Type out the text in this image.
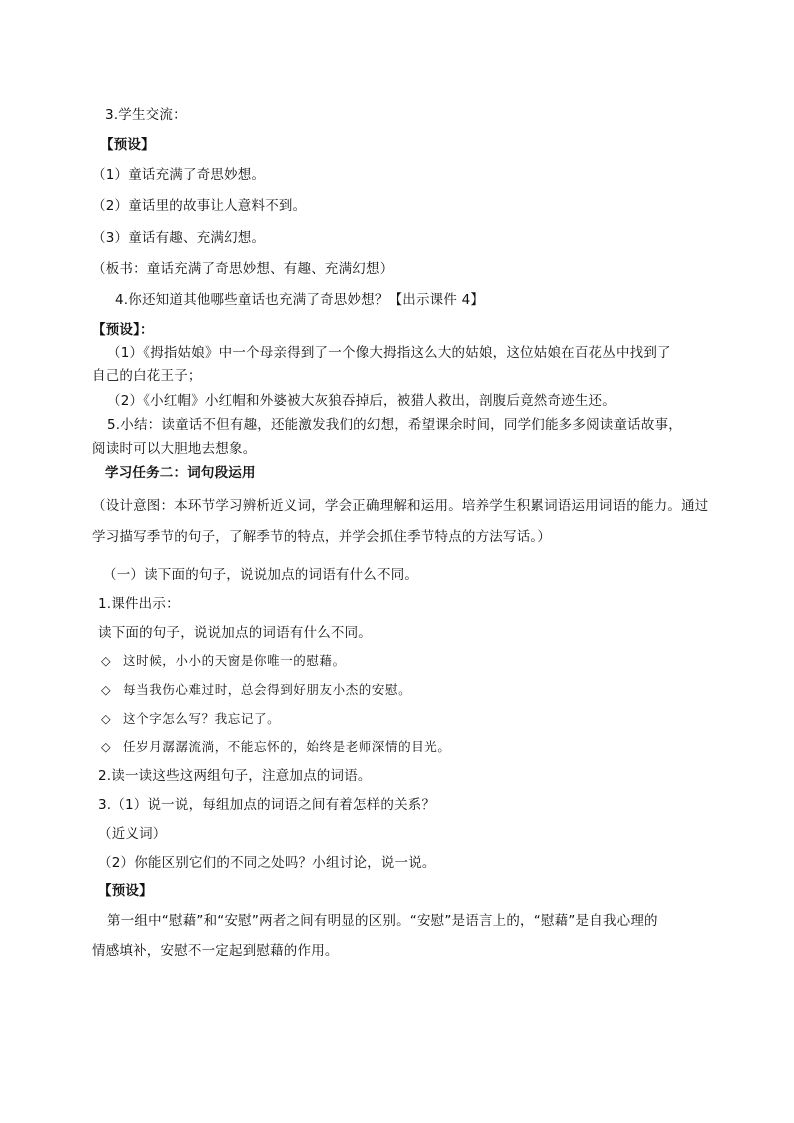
3.学生交流：
【预设】
（1）童话充满了奇思妙想。
（2）童话里的故事让人意料不到。
（3）童话有趣、充满幻想。
（板书：童话充满了奇思妙想、有趣、充满幻想）
4.你还知道其他哪些童话也充满了奇思妙想？【出示课件 4】
【预设】：
（1）《拇指姑娘》中一个母亲得到了一个像大拇指这么大的姑娘，这位姑娘在百花丛中找到了
自己的白花王子；
（2）《小红帽》小红帽和外婆被大灰狼吞掉后，被猎人救出，剖腹后竟然奇迹生还。
5.小结：读童话不但有趣，还能激发我们的幻想，希望课余时间，同学们能多多阅读童话故事，
阅读时可以大胆地去想象。
学习任务二：词句段运用
（设计意图：本环节学习辨析近义词，学会正确理解和运用。培养学生积累词语运用词语的能力。通过
学习描写季节的句子，了解季节的特点，并学会抓住季节特点的方法写话。）
（一）读下面的句子，说说加点的词语有什么不同。
1.课件出示：
读下面的句子，说说加点的词语有什么不同。
◇ 这时候，小小的天窗是你唯一的慰藉。
◇ 每当我伤心难过时，总会得到好朋友小杰的安慰。
◇ 这个字怎么写？我忘记了。
◇ 任岁月潺潺流淌，不能忘怀的，始终是老师深情的目光。
2.读一读这些这两组句子，注意加点的词语。
3.（1）说一说，每组加点的词语之间有着怎样的关系？
（近义词）
（2）你能区别它们的不同之处吗？小组讨论，说一说。
【预设】
第一组中“慰藉”和“安慰”两者之间有明显的区别。“安慰”是语言上的，“慰藉”是自我心理的
情感填补，安慰不一定起到慰藉的作用。
